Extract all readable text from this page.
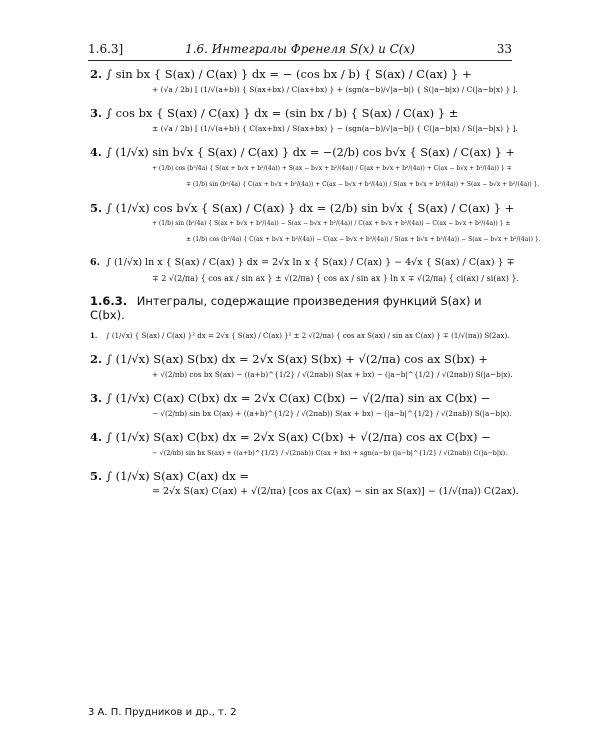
1.6.3]	1.6. Интегралы Френеля S(x) и C(x)	33
2. ∫ sin bx { S(ax) / C(ax) } dx = − (cos bx / b) { S(ax) / C(ax) } +
+ (√a / 2b) [ (1/√(a+b)) { S(ax+bx) / C(ax+bx) } + (sgn(a−b)/√|a−b|) { S(|a−b|x) / C(|a−b|x) } ].
3. ∫ cos bx { S(ax) / C(ax) } dx = (sin bx / b) { S(ax) / C(ax) } ±
± (√a / 2b) [ (1/√(a+b)) { C(ax+bx) / S(ax+bx) } − (sgn(a−b)/√|a−b|) { C(|a−b|x) / S(|a−b|x) } ].
4. ∫ (1/√x) sin b√x { S(ax) / C(ax) } dx = −(2/b) cos b√x { S(ax) / C(ax) } +
+ (1/b) cos (b²/4a) { S(ax + b√x + b²/(4a)) + S(ax − b√x + b²/(4a)) / C(ax + b√x + b²/(4a)) + C(ax − b√x + b²/(4a)) } ∓
∓ (1/b) sin (b²/4a) { C(ax + b√x + b²/(4a)) + C(ax − b√x + b²/(4a)) / S(ax + b√x + b²/(4a)) + S(ax − b√x + b²/(4a)) }.
5. ∫ (1/√x) cos b√x { S(ax) / C(ax) } dx = (2/b) sin b√x { S(ax) / C(ax) } +
+ (1/b) sin (b²/4a) { S(ax + b√x + b²/(4a)) − S(ax − b√x + b²/(4a)) / C(ax + b√x + b²/(4a)) − C(ax − b√x + b²/(4a)) } ±
± (1/b) cos (b²/4a) { C(ax + b√x + b²/(4a)) − C(ax − b√x + b²/(4a)) / S(ax + b√x + b²/(4a)) − S(ax − b√x + b²/(4a)) }.
6. ∫ (1/√x) ln x { S(ax) / C(ax) } dx = 2√x ln x { S(ax) / C(ax) } − 4√x { S(ax) / C(ax) } ∓
∓ 2 √(2/πa) { cos ax / sin ax } ± √(2/πa) { cos ax / sin ax } ln x ∓ √(2/πa) { ci(ax) / si(ax) }.
1.6.3. Интегралы, содержащие произведения функций S(ax) и C(bx).
1. ∫ (1/√x) { S(ax) / C(ax) }² dx = 2√x { S(ax) / C(ax) }² ± 2 √(2/πa) { cos ax S(ax) / sin ax C(ax) } ∓ (1/√(πa)) S(2ax).
2. ∫ (1/√x) S(ax) S(bx) dx = 2√x S(ax) S(bx) + √(2/πa) cos ax S(bx) +
+ √(2/πb) cos bx S(ax) − ((a+b)^{1/2} / √(2πab)) S(ax + bx) − (|a−b|^{1/2} / √(2πab)) S(|a−b|x).
3. ∫ (1/√x) C(ax) C(bx) dx = 2√x C(ax) C(bx) − √(2/πa) sin ax C(bx) −
− √(2/πb) sin bx C(ax) + ((a+b)^{1/2} / √(2πab)) S(ax + bx) − (|a−b|^{1/2} / √(2πab)) S(|a−b|x).
4. ∫ (1/√x) S(ax) C(bx) dx = 2√x S(ax) C(bx) + √(2/πa) cos ax C(bx) −
− √(2/πb) sin bx S(ax) + ((a+b)^{1/2} / √(2πab)) C(ax + bx) + sgn(a−b) (|a−b|^{1/2} / √(2πab)) C(|a−b|x).
5. ∫ (1/√x) S(ax) C(ax) dx =
= 2√x S(ax) C(ax) + √(2/πa) [cos ax C(ax) − sin ax S(ax)] − (1/√(πa)) C(2ax).
3 А. П. Прудников и др., т. 2
